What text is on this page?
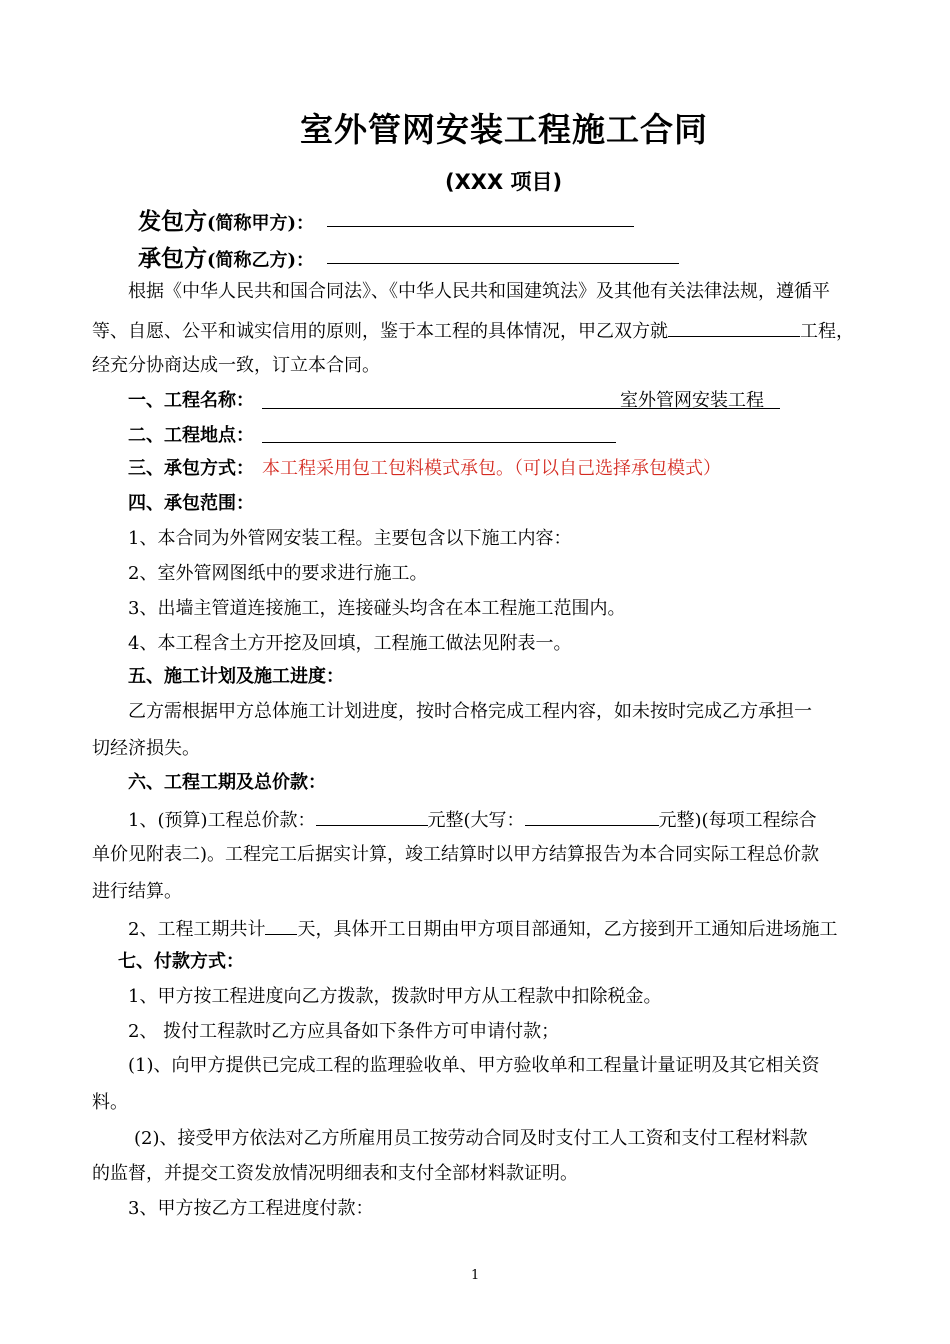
室外管网安装工程施工合同
(XXX 项目)
发包方(简称甲方)：
承包方(简称乙方)：
根据《中华人民共和国合同法》、《中华人民共和国建筑法》及其他有关法律法规，遵循平
等、自愿、公平和诚实信用的原则，鉴于本工程的具体情况，甲乙双方就	工程，
经充分协商达成一致，订立本合同。
一、工程名称：	室外管网安装工程
二、工程地点：
三、承包方式： 本工程采用包工包料模式承包。（可以自己选择承包模式）
四、承包范围：
1、本合同为外管网安装工程。主要包含以下施工内容：
2、室外管网图纸中的要求进行施工。
3、出墙主管道连接施工，连接碰头均含在本工程施工范围内。
4、本工程含土方开挖及回填，工程施工做法见附表一。
五、施工计划及施工进度：
乙方需根据甲方总体施工计划进度，按时合格完成工程内容，如未按时完成乙方承担一
切经济损失。
六、工程工期及总价款：
1、(预算)工程总价款：	元整(大写：	元整)(每项工程综合
单价见附表二)。工程完工后据实计算，竣工结算时以甲方结算报告为本合同实际工程总价款
进行结算。
2、工程工期共计 天，具体开工日期由甲方项目部通知，乙方接到开工通知后进场施工
七、付款方式：
1、甲方按工程进度向乙方拨款，拨款时甲方从工程款中扣除税金。
2、 拨付工程款时乙方应具备如下条件方可申请付款；
(1)、向甲方提供已完成工程的监理验收单、甲方验收单和工程量计量证明及其它相关资
料。
(2)、接受甲方依法对乙方所雇用员工按劳动合同及时支付工人工资和支付工程材料款
的监督，并提交工资发放情况明细表和支付全部材料款证明。
3、甲方按乙方工程进度付款：
1
